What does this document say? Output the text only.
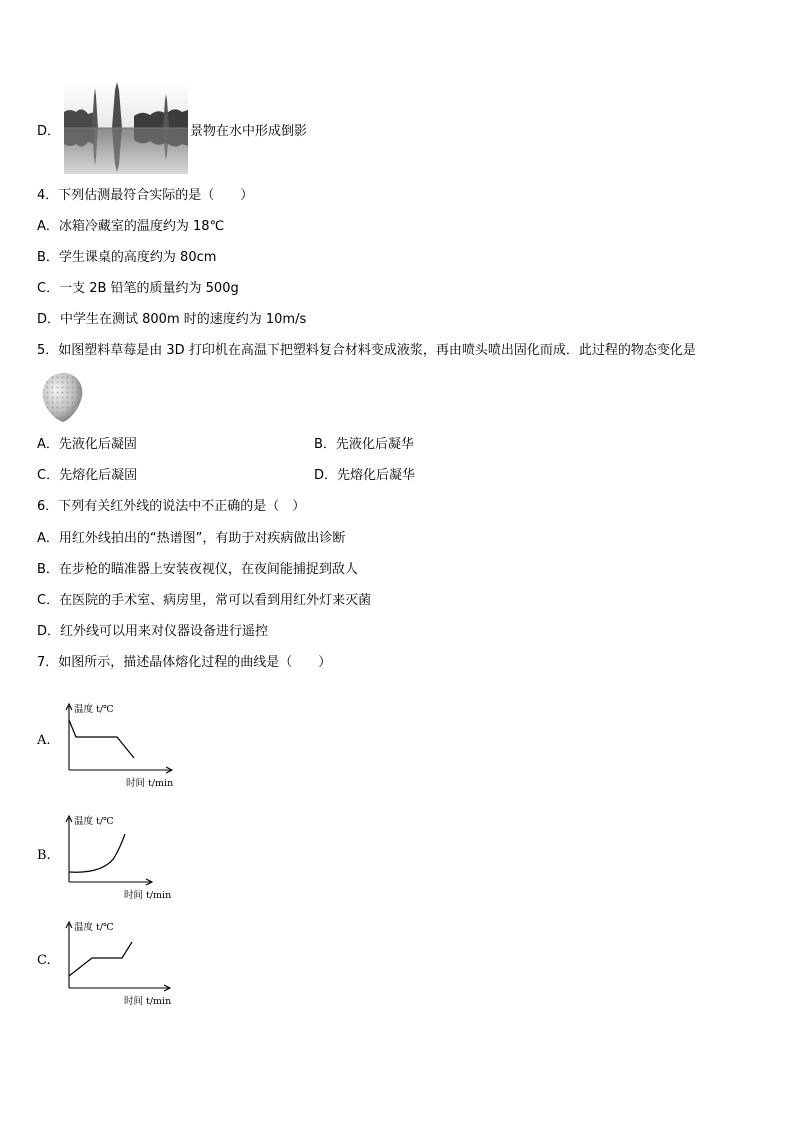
D．	景物在水中形成倒影
4．下列估测最符合实际的是（　　）
A．冰箱冷藏室的温度约为 18℃
B．学生课桌的高度约为 80cm
C．一支 2B 铅笔的质量约为 500g
D．中学生在测试 800m 时的速度约为 10m/s
5．如图塑料草莓是由 3D 打印机在高温下把塑料复合材料变成液浆，再由喷头喷出固化而成．此过程的物态变化是
A．先液化后凝固	B．先液化后凝华
C．先熔化后凝固	D．先熔化后凝华
6．下列有关红外线的说法中不正确的是（　）
A．用红外线拍出的“热谱图”，有助于对疾病做出诊断
B．在步枪的瞄准器上安装夜视仪，在夜间能捕捉到敌人
C．在医院的手术室、病房里，常可以看到用红外灯来灭菌
D．红外线可以用来对仪器设备进行遥控
7．如图所示，描述晶体熔化过程的曲线是（　　）
A.
温度 t/℃
时间 t/min
B.
温度 t/℃
时间 t/min
C.
温度 t/℃
时间 t/min
